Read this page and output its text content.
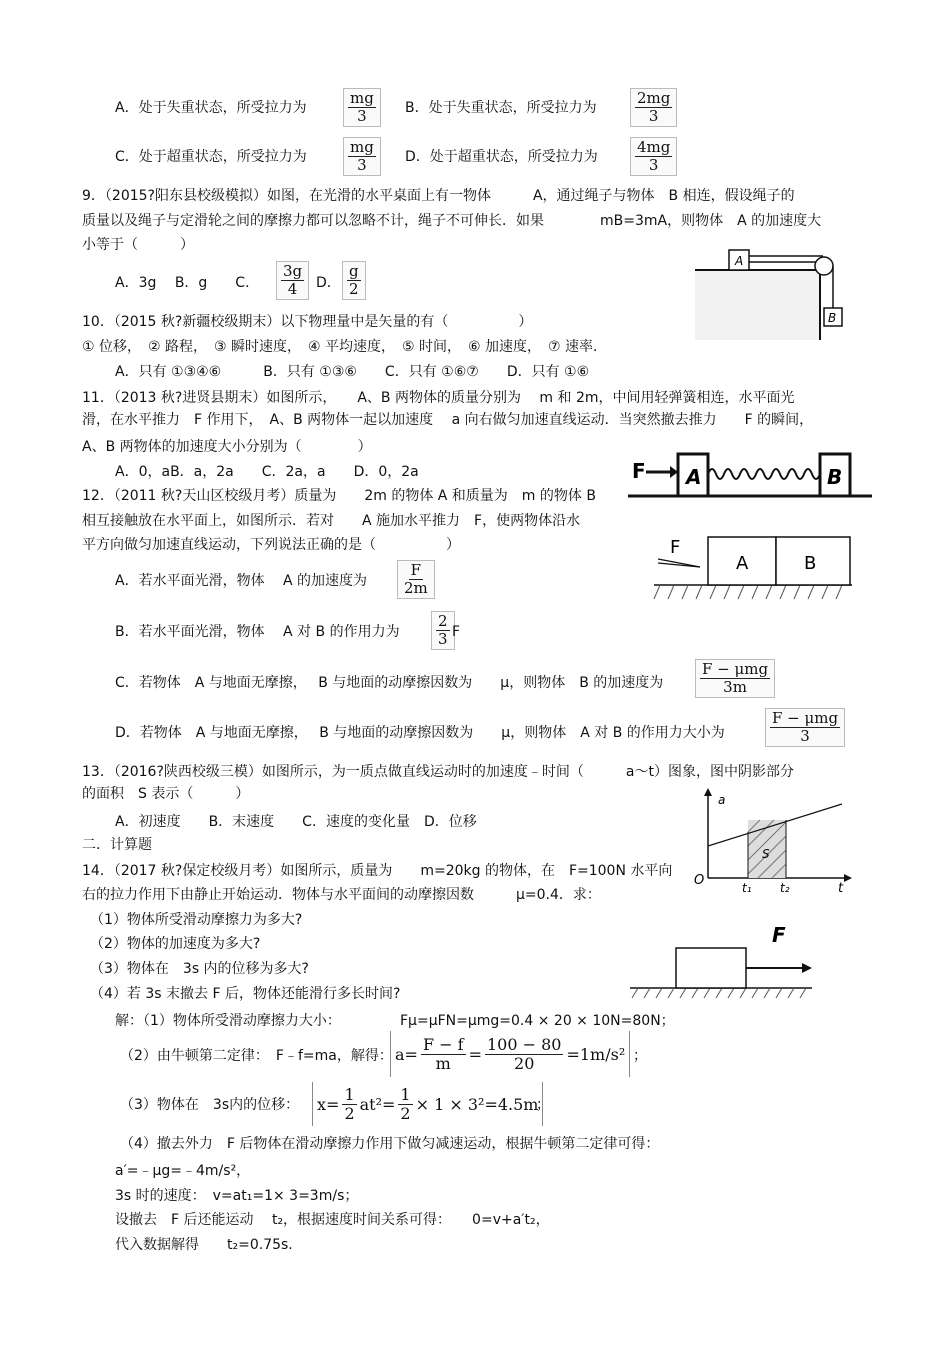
A．处于失重状态，所受拉力为 $\frac{mg}{3}$ B．处于失重状态，所受拉力为 $\frac{2mg}{3}$
C．处于超重状态，所受拉力为 $\frac{mg}{3}$ D．处于超重状态，所受拉力为 $\frac{4mg}{3}$
9．（2015?阳东县校级模拟）如图，在光滑的水平桌面上有一物体　　　A，通过绳子与物体　B 相连，假设绳子的
质量以及绳子与定滑轮之间的摩擦力都可以忽略不计，绳子不可伸长．如果　　　　mB=3mA，则物体　A 的加速度大
小等于（　　　）
A．3g　 B．g　　C． $\frac{3g}{4}$ D． $\frac{g}{2}$	A
B
10．（2015 秋?新疆校级期末）以下物理量中是矢量的有（　　　　　）
① 位移，　② 路程，　③ 瞬时速度，　④ 平均速度，　⑤ 时间，　⑥ 加速度，　⑦ 速率．
A．只有 ①③④⑥　　　B．只有 ①③⑥　　C．只有 ①⑥⑦　　D．只有 ①⑥
11．（2013 秋?进贤县期末）如图所示，　　A、B 两物体的质量分别为　 m 和 2m，中间用轻弹簧相连，水平面光
滑，在水平推力　F 作用下，　A、B 两物体一起以加速度　 a 向右做匀加速直线运动．当突然撤去推力　　F 的瞬间，
A、B 两物体的加速度大小分别为（　　　　）
A．0，aB．a，2a　　C．2a，a　　D．0，2a	F A	B
12．（2011 秋?天山区校级月考）质量为　　2m 的物体 A 和质量为　m 的物体 B
相互接触放在水平面上，如图所示．若对　　A 施加水平推力　F，使两物体沿水
平方向做匀加速直线运动，下列说法正确的是（　　　　　）	F
A	B
A．若水平面光滑，物体　 A 的加速度为 $\frac{F}{2m}$
B．若水平面光滑，物体　 A 对 B 的作用力为 $\frac{2}{3}$
F
C．若物体　A 与地面无摩擦，　 B 与地面的动摩擦因数为　　μ，则物体　B 的加速度为
F − μmg
3m
D．若物体　A 与地面无摩擦，　 B 与地面的动摩擦因数为　　μ，则物体　A 对 B 的作用力大小为
F − μmg
3
13．（2016?陕西校级三模）如图所示，为一质点做直线运动时的加速度﹣时间（　　　a～t）图象，图中阴影部分
的面积　S 表示（　　　）
A．初速度　　B．末速度　　C．速度的变化量　D．位移
a
t
O
S
t₁ t₂
二．计算题
14．（2017 秋?保定校级月考）如图所示，质量为　　m=20kg 的物体，在　F=100N 水平向
右的拉力作用下由静止开始运动．物体与水平面间的动摩擦因数　　　μ=0.4．求：
（1）物体所受滑动摩擦力为多大?
（2）物体的加速度为多大?
（3）物体在　3s 内的位移为多大?
（4）若 3s 末撤去 F 后，物体还能滑行多长时间?
F
解：（1）物体所受滑动摩擦力大小：	Fμ=μFN=μmg=0.4 × 20 × 10N=80N；
（2）由牛顿第二定律：　F﹣f=ma，解得： $a= \frac{F - f}{m} = \frac{100 - 80}{20} =1m/s^2$ ；
（3）物体在　3s内的位移： $x= \frac{1}{2} at^2= \frac{1}{2} \times 1 \times 3^2=4.5m$
；
（4）撤去外力　F 后物体在滑动摩擦力作用下做匀减速运动，根据牛顿第二定律可得：
a′=﹣μg=﹣4m/s²，
3s 时的速度：　v=at₁=1× 3=3m/s；
设撤去　F 后还能运动　 t₂，根据速度时间关系可得：　　0=v+a′t₂，
代入数据解得　　t₂=0.75s.
